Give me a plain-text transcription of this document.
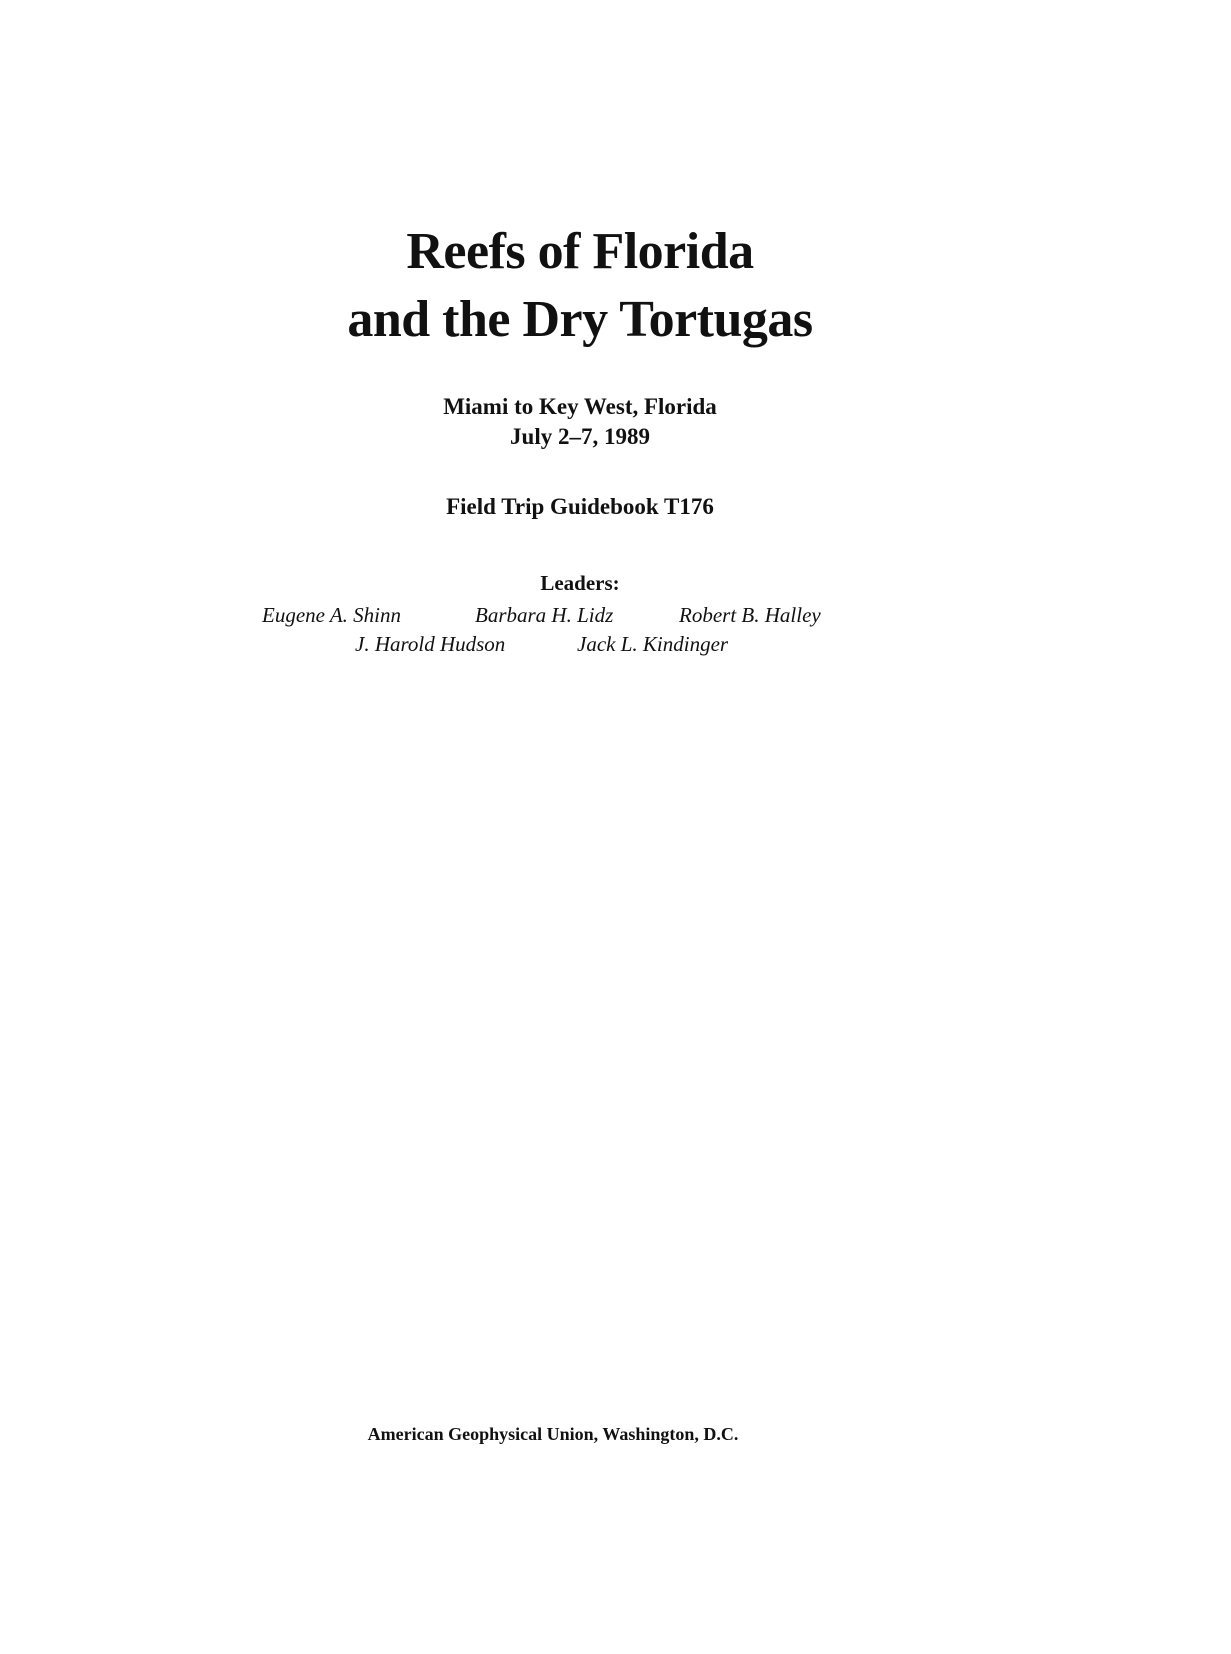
Reefs of Florida
and the Dry Tortugas
Miami to Key West, Florida
July 2–7, 1989
Field Trip Guidebook T176
Leaders:
Eugene A. Shinn	Barbara H. Lidz	Robert B. Halley
J. Harold Hudson	Jack L. Kindinger
American Geophysical Union, Washington, D.C.
